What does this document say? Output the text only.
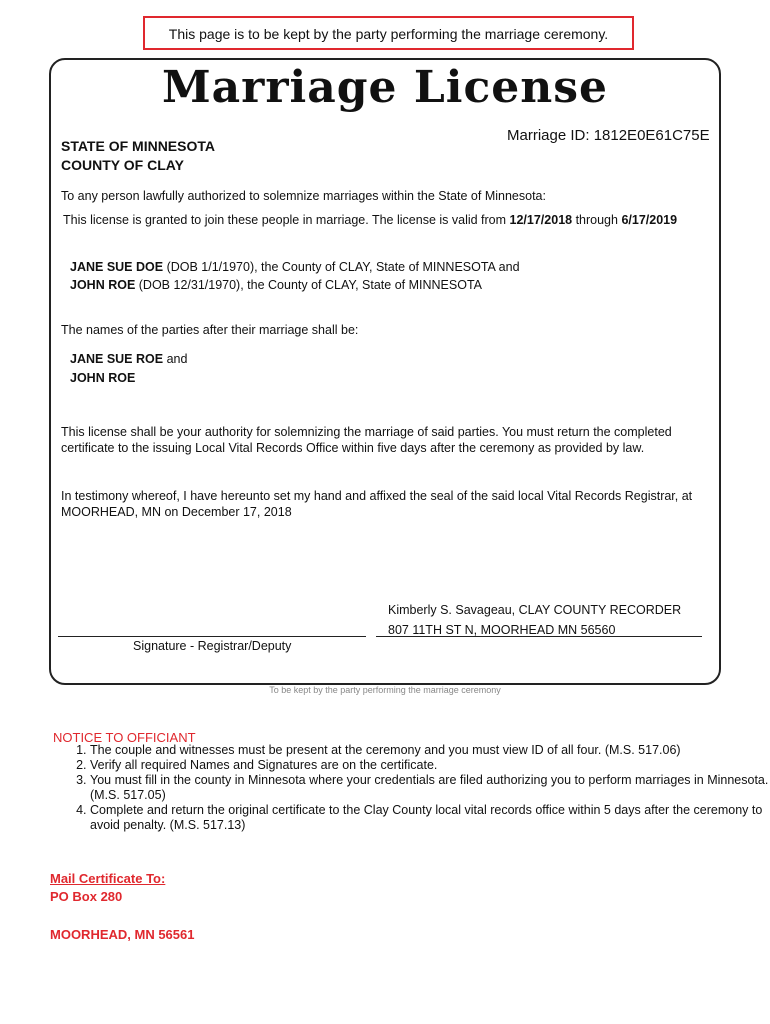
This page is to be kept by the party performing the marriage ceremony.
Marriage License
STATE OF MINNESOTA
COUNTY OF CLAY
Marriage ID: 1812E0E61C75E
To any person lawfully authorized to solemnize marriages within the State of Minnesota:
This license is granted to join these people in marriage. The license is valid from 12/17/2018 through 6/17/2019
JANE SUE DOE (DOB 1/1/1970), the County of CLAY, State of MINNESOTA and
JOHN ROE (DOB 12/31/1970), the County of CLAY, State of MINNESOTA
The names of the parties after their marriage shall be:
JANE SUE ROE and
JOHN ROE
This license shall be your authority for solemnizing the marriage of said parties. You must return the completed
certificate to the issuing Local Vital Records Office within five days after the ceremony as provided by law.
In testimony whereof, I have hereunto set my hand and affixed the seal of the said local Vital Records Registrar, at
MOORHEAD, MN on December 17, 2018
Kimberly S. Savageau, CLAY COUNTY RECORDER
807 11TH ST N, MOORHEAD MN 56560
Signature - Registrar/Deputy
To be kept by the party performing the marriage ceremony
NOTICE TO OFFICIANT
1. The couple and witnesses must be present at the ceremony and you must view ID of all four. (M.S. 517.06)
2. Verify all required Names and Signatures are on the certificate.
3. You must fill in the county in Minnesota where your credentials are filed authorizing you to perform marriages in Minnesota. (M.S. 517.05)
4. Complete and return the original certificate to the Clay County local vital records office within 5 days after the ceremony to avoid penalty. (M.S. 517.13)
Mail Certificate To:
PO Box 280
MOORHEAD, MN 56561
